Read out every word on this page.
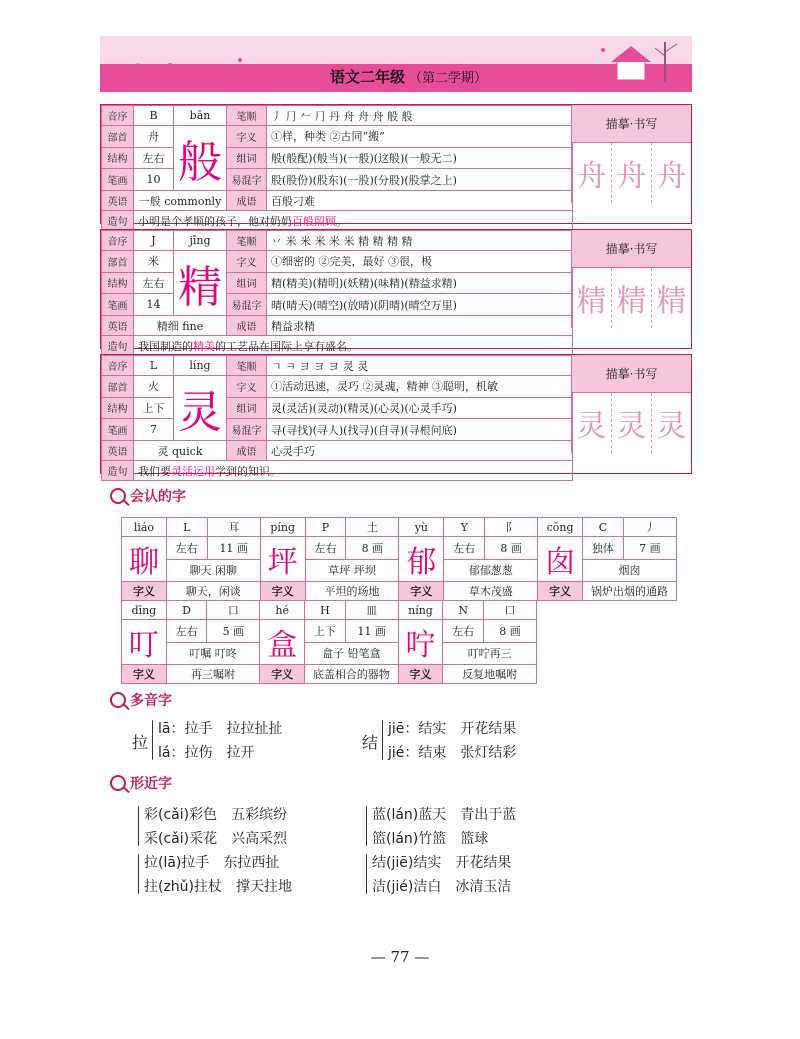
语文二年级 （第二学期）
音序	B	bān	笔顺	丿 ⺆ 𠂉 ⺆ 丹 舟 舟 舟 般 般
部首	舟	般	字义	①样，种类 ②古同“搬”
结构	左右		组词	般(般配)(般当)(一般)(这般)(一般无二)
笔画	10		易混字	股(股份)(股东)(一股)(分股)(股掌之上)
英语	一般 commonly		成语	百般刁难
造句	小明是个孝顺的孩子，他对奶奶百般照顾。			
描摹·书写
舟 舟 舟
音序	J	jīng	笔顺	丷 米 米 米 米 米 精 精 精 精
部首	米	精	字义	①细密的 ②完美，最好 ③很，极
结构	左右		组词	精(精美)(精明)(妖精)(味精)(精益求精)
笔画	14		易混字	晴(晴天)(晴空)(放晴)(阴晴)(晴空万里)
英语	精细 fine		成语	精益求精
造句	我国制造的精美的工艺品在国际上享有盛名。			
描摹·书写
精 精 精
音序	L	líng	笔顺	ㄱ ㅋ ヨ ヨ ヨ 灵 灵
部首	火	灵	字义	①活动迅速，灵巧 ②灵魂，精神 ③聪明，机敏
结构	上下		组词	灵(灵活)(灵动)(精灵)(心灵)(心灵手巧)
笔画	7		易混字	寻(寻找)(寻人)(找寻)(自寻)(寻根问底)
英语	灵 quick		成语	心灵手巧
造句	我们要灵活运用学到的知识。			
描摹·书写
灵 灵 灵
会认的字
liáo	L	耳	píng	P	土	yù	Y	阝	cōng	C	丿
聊	左右	11 画	坪	左右	8 画	郁	左右	8 画	囱	独体	7 画
	聊天 闲聊			草坪 坪坝			郁郁葱葱			烟囱	
字义	聊天，闲谈		字义	平坦的场地		字义	草木茂盛		字义	锅炉出烟的通路	
dīng	D	口	hé	H	皿	níng	N	口
叮	左右	5 画	盒	上下	11 画	咛	左右	8 画
	叮嘱 叮咚			盒子 铅笔盒			叮咛再三	
字义	再三嘱咐		字义	底盖相合的器物		字义	反复地嘱咐	
多音字
拉
lā：拉手　拉拉扯扯
lá：拉伤　拉开
结
jiē：结实　开花结果
jié：结束　张灯结彩
形近字
彩(cǎi)彩色　五彩缤纷
采(cǎi)采花　兴高采烈
蓝(lán)蓝天　青出于蓝
篮(lán)竹篮　篮球
拉(lā)拉手　东拉西扯
拄(zhǔ)拄杖　撑天拄地
结(jiē)结实　开花结果
洁(jié)洁白　冰清玉洁
— 77 —
